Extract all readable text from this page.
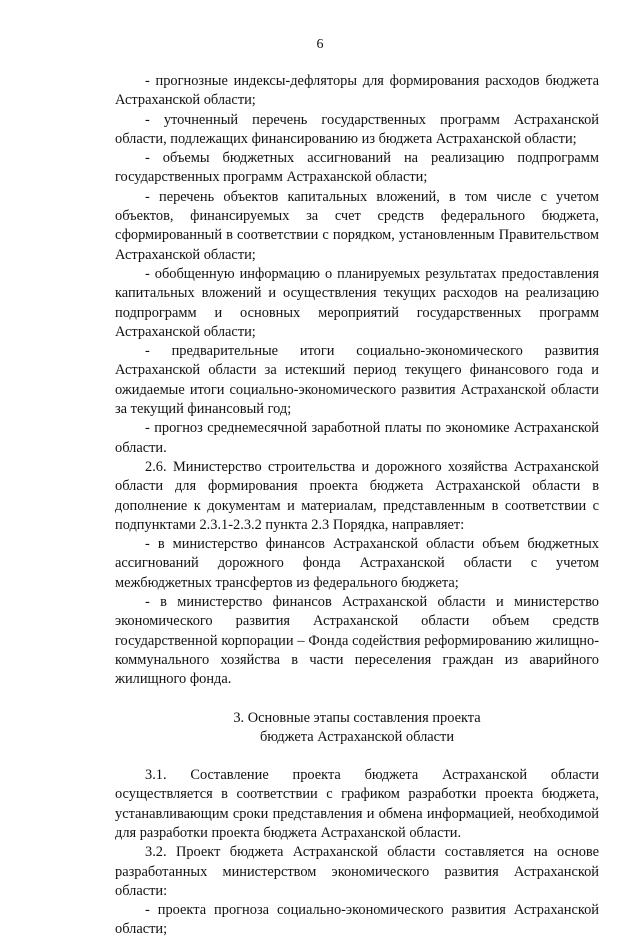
6

- прогнозные индексы-дефляторы для формирования расходов бюджета Астраханской области;

- уточненный перечень государственных программ Астраханской области, подлежащих финансированию из бюджета Астраханской области;

- объемы бюджетных ассигнований на реализацию подпрограмм государственных программ Астраханской области;

- перечень объектов капитальных вложений, в том числе с учетом объектов, финансируемых за счет средств федерального бюджета, сформированный в соответствии с порядком, установленным Правительством Астраханской области;

- обобщенную информацию о планируемых результатах предоставления капитальных вложений и осуществления текущих расходов на реализацию подпрограмм и основных мероприятий государственных программ Астраханской области;

- предварительные итоги социально-экономического развития Астраханской области за истекший период текущего финансового года и ожидаемые итоги социально-экономического развития Астраханской области за текущий финансовый год;

- прогноз среднемесячной заработной платы по экономике Астраханской области.

2.6. Министерство строительства и дорожного хозяйства Астраханской области для формирования проекта бюджета Астраханской области в дополнение к документам и материалам, представленным в соответствии с подпунктами 2.3.1-2.3.2 пункта 2.3 Порядка, направляет:

- в министерство финансов Астраханской области объем бюджетных ассигнований дорожного фонда Астраханской области с учетом межбюджетных трансфертов из федерального бюджета;

- в министерство финансов Астраханской области и министерство экономического развития Астраханской области объем средств государственной корпорации – Фонда содействия реформированию жилищно-коммунального хозяйства в части переселения граждан из аварийного жилищного фонда.

3. Основные этапы составления проекта
бюджета Астраханской области

3.1. Составление проекта бюджета Астраханской области осуществляется в соответствии с графиком разработки проекта бюджета, устанавливающим сроки представления и обмена информацией, необходимой для разработки проекта бюджета Астраханской области.

3.2. Проект бюджета Астраханской области составляется на основе разработанных министерством экономического развития Астраханской области:

- проекта прогноза социально-экономического развития Астраханской области;
